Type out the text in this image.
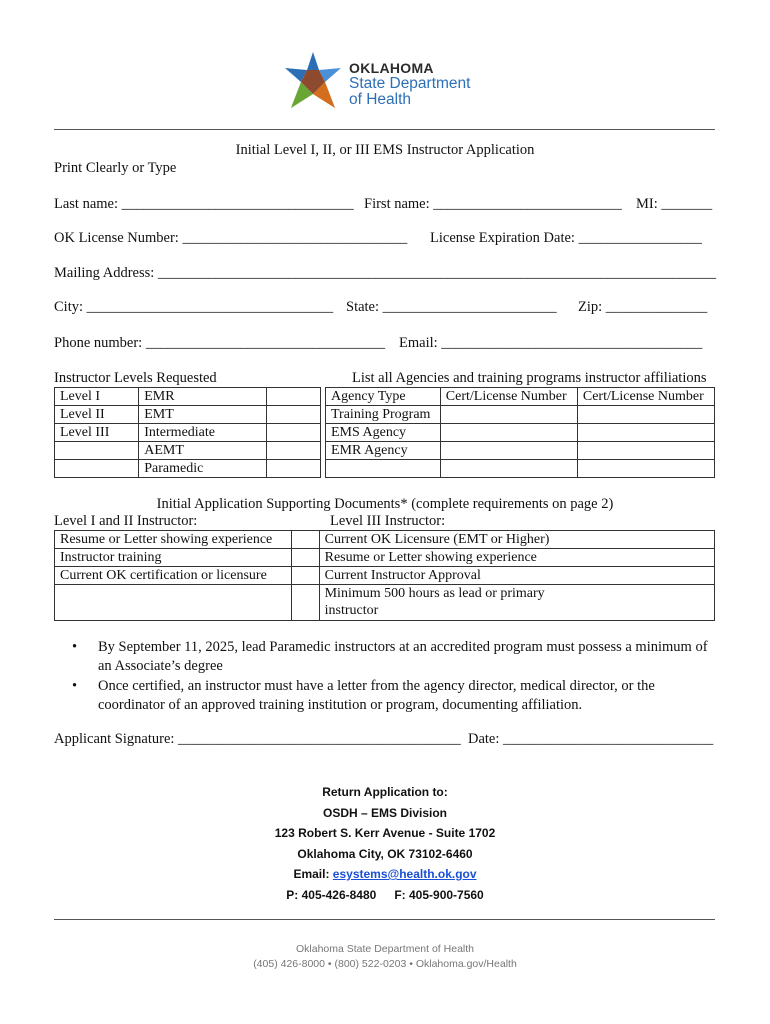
OKLAHOMA
State Department
of Health
Initial Level I, II, or III EMS Instructor Application
Print Clearly or Type
Last name: ________________________________ First name: __________________________ MI: _______
OK License Number: _______________________________ License Expiration Date: _________________
Mailing Address: _____________________________________________________________________________
City: __________________________________ State: ________________________ Zip: ______________
Phone number: _________________________________ Email: ____________________________________
Instructor Levels Requested
Level I	EMR	
Level II	EMT	
Level III	Intermediate	
	AEMT	
	Paramedic	
List all Agencies and training programs instructor affiliations
Agency Type	Cert/License Number	Cert/License Number
Training Program		
EMS Agency		
EMR Agency		

Initial Application Supporting Documents* (complete requirements on page 2)
Level I and II Instructor:	Level III Instructor:
Resume or Letter showing experience		Current OK Licensure (EMT or Higher)
Instructor training		Resume or Letter showing experience
Current OK certification or licensure		Current Instructor Approval

		Minimum 500 hours as lead or primary
instructor
•	By September 11, 2025, lead Paramedic instructors at an accredited program must possess a minimum of
an Associate’s degree
•	Once certified, an instructor must have a letter from the agency director, medical director, or the
coordinator of an approved training institution or program, documenting affiliation.
Applicant Signature: _______________________________________ Date: _____________________________
Return Application to:
OSDH – EMS Division
123 Robert S. Kerr Avenue - Suite 1702
Oklahoma City, OK 73102-6460
Email: esystems@health.ok.gov
P: 405-426-8480 F: 405-900-7560
Oklahoma State Department of Health
(405) 426-8000 • (800) 522-0203 • Oklahoma.gov/Health
